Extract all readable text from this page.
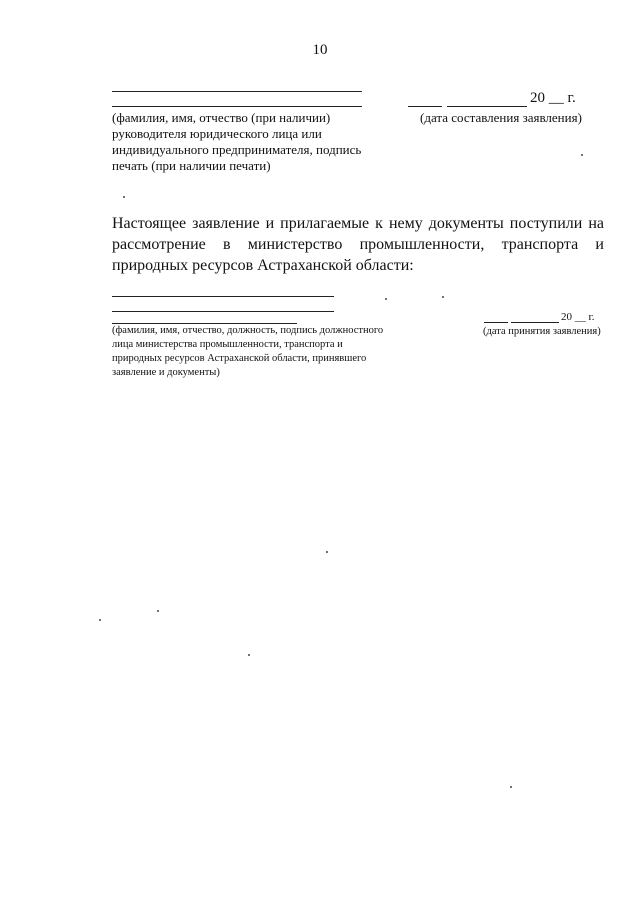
10
(фамилия, имя, отчество (при наличии) руководителя юридического лица или индивидуального предпринимателя, подпись печать (при наличии печати)
20 __ г.
(дата составления заявления)
Настоящее заявление и прилагаемые к нему документы поступили на рассмотрение в министерство промышленности, транспорта и природных ресурсов Астраханской области:
(фамилия, имя, отчество, должность, подпись должностного лица министерства промышленности, транспорта и природных ресурсов Астраханской области, принявшего заявление и документы)
20 __ г.
(дата принятия заявления)
